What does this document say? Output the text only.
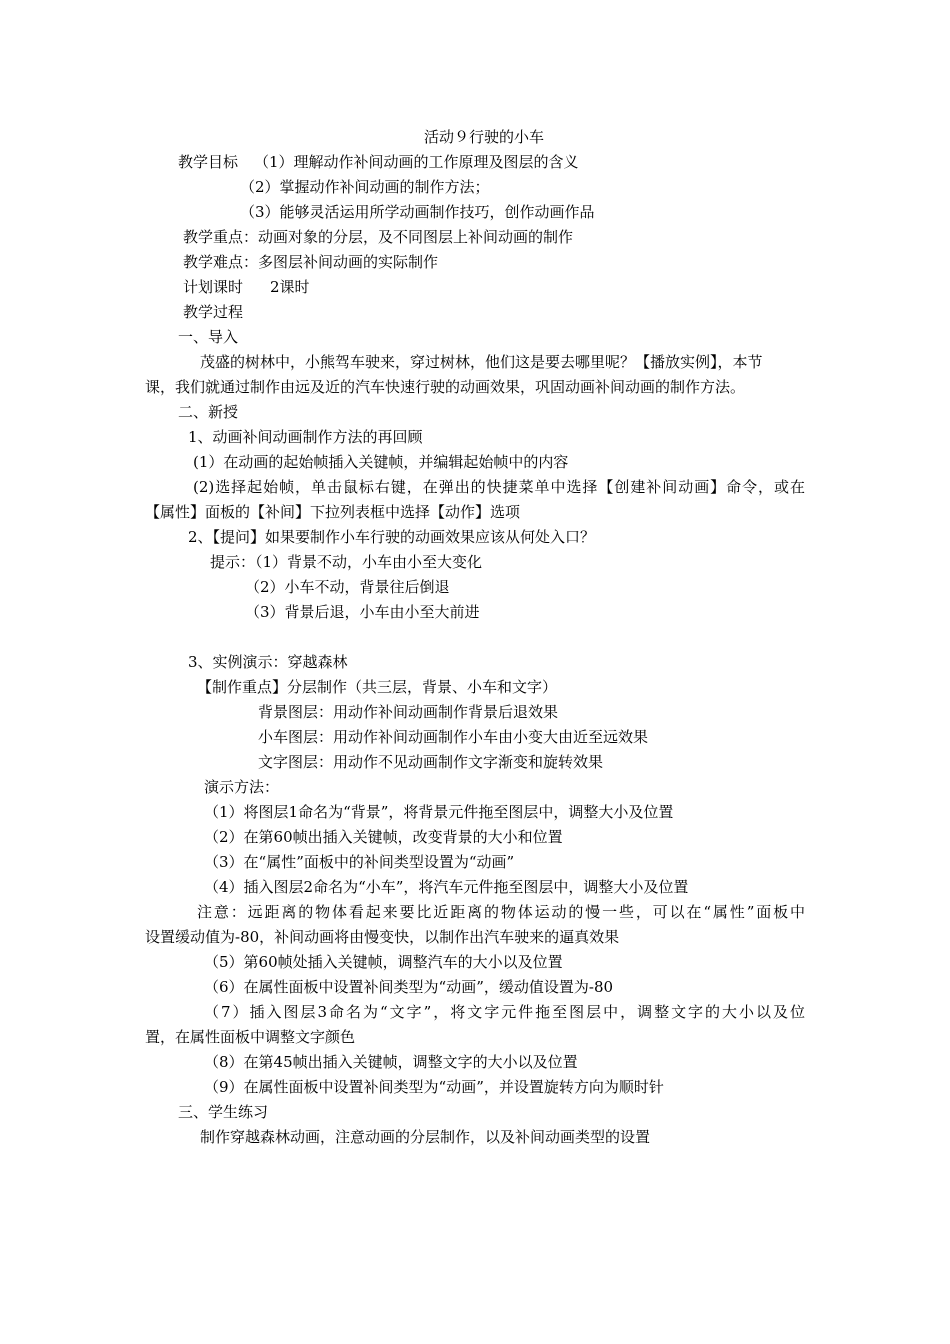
活动９行驶的小车
教学目标 （1）理解动作补间动画的工作原理及图层的含义
（2）掌握动作补间动画的制作方法；
（3）能够灵活运用所学动画制作技巧，创作动画作品
教学重点：动画对象的分层，及不同图层上补间动画的制作
教学难点：多图层补间动画的实际制作
计划课时 2课时
教学过程
一、导入
茂盛的树林中，小熊驾车驶来，穿过树林，他们这是要去哪里呢？【播放实例】，本节
课，我们就通过制作由远及近的汽车快速行驶的动画效果，巩固动画补间动画的制作方法。
二、新授
1、动画补间动画制作方法的再回顾
(1）在动画的起始帧插入关键帧，并编辑起始帧中的内容
(2)选择起始帧，单击鼠标右键，在弹出的快捷菜单中选择【创建补间动画】命令，或在
【属性】面板的【补间】下拉列表框中选择【动作】选项
2、【提问】如果要制作小车行驶的动画效果应该从何处入口？
提示：（1）背景不动，小车由小至大变化
（2）小车不动，背景往后倒退
（3）背景后退，小车由小至大前进
3、实例演示：穿越森林
【制作重点】分层制作（共三层，背景、小车和文字）
背景图层：用动作补间动画制作背景后退效果
小车图层：用动作补间动画制作小车由小变大由近至远效果
文字图层：用动作不见动画制作文字渐变和旋转效果
演示方法：
（1）将图层1命名为“背景”，将背景元件拖至图层中，调整大小及位置
（2）在第60帧出插入关键帧，改变背景的大小和位置
（3）在“属性”面板中的补间类型设置为“动画”
（4）插入图层2命名为“小车”，将汽车元件拖至图层中，调整大小及位置
注意：远距离的物体看起来要比近距离的物体运动的慢一些，可以在“属性”面板中
设置缓动值为-80，补间动画将由慢变快，以制作出汽车驶来的逼真效果
（5）第60帧处插入关键帧，调整汽车的大小以及位置
（6）在属性面板中设置补间类型为“动画”，缓动值设置为-80
（7）插入图层3命名为“文字”，将文字元件拖至图层中，调整文字的大小以及位
置，在属性面板中调整文字颜色
（8）在第45帧出插入关键帧，调整文字的大小以及位置
（9）在属性面板中设置补间类型为“动画”，并设置旋转方向为顺时针
三、学生练习
制作穿越森林动画，注意动画的分层制作，以及补间动画类型的设置
